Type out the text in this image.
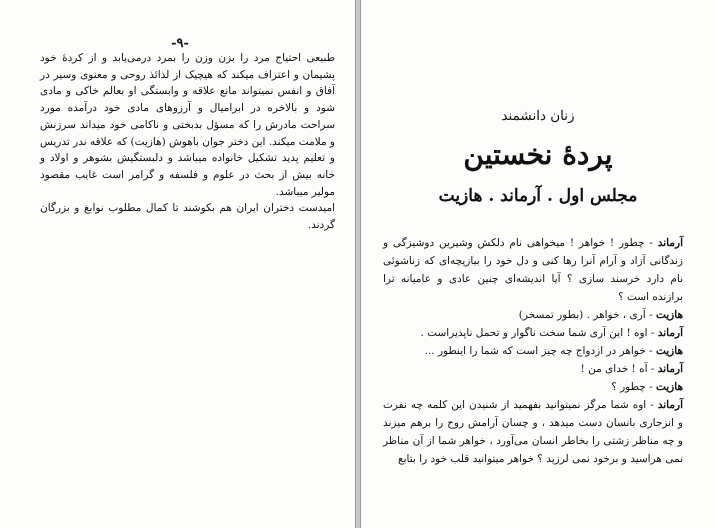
-۹-

طبیعی احتیاج مرد را بزن وزن را بمرد درمی‌یابد و از کردهٔ خود پشیمان و اعتراف میکند که هیچیک از لذائذ روحی و معنوی وسیر در آفاق و انفس نمیتواند مانع علاقه و وابستگی او بعالم خاکی و مادی شود و بالاخره در ابرامیال و آرزوهای مادی خود درآمده مورد سراحت مادرش را که مسؤل بدبختی و ناکامی خود میداند سرزنش و ملامت میکند. این دختر جوان باهوش (هازیت) که علاقه ندر تدریس و تعلیم پدید تشکیل خانواده میباشد و دلبستگیش بشوهر و اولاد و خانه بیش از بحث در علوم و فلسفه و گرامر است غایب مقصود مولیر میباشد.

امیدست دختران ایران هم بکوشند تا کمال مطلوب نوابغ و بزرگان گردند.

زنان دانشمند
پردهٔ نخستین
مجلس اول . آرماند . هازیت

آرماند - چطور ! خواهر ! میخواهی نام دلکش وشیرین دوشیزگی و زندگانی آزاد و آرام آنرا رها کنی و دل خود را ببازیچه‌ای که زناشوئی نام دارد خرسند سازی ؟ آیا اندیشه‌ای چنین عادی و عامیانه ترا برازنده است ؟

هازیت - آری ، خواهر . (بطور تمسخر)

آرماند - اوه ! این آری شما سخت ناگوار و تحمل ناپذیراست .

هازیت - خواهر در ازدواج چه چیز است که شما را اینطور ...

آرماند - آه ! خدای من !

هازیت - چطور ؟

آرماند - اوه شما مرگز نمیتوانید بفهمید از شنیدن این کلمه چه نفرت و انزجاری بانسان دست میدهد ، و چسان آرامش روح را برهم میزند و چه مناظر زشتی را بخاطر انسان می‌آورد ، خواهر شما از آن مناظر نمی هراسید و برخود نمی لرزید ؟ خواهر میتوانید قلب خود را بتابع
